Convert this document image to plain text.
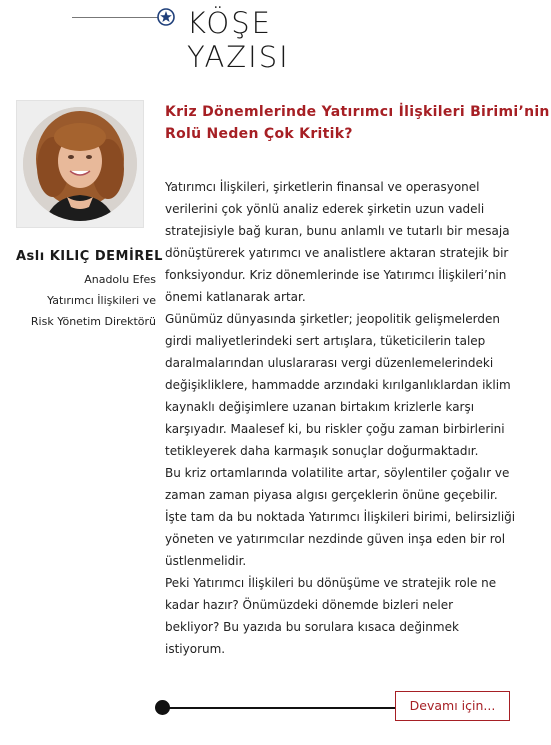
KÖŞE
YAZISI
Aslı KILIÇ DEMİREL
Anadolu Efes
Yatırımcı İlişkileri ve
Risk Yönetim Direktörü
Kriz Dönemlerinde Yatırımcı İlişkileri Birimi’nin
Rolü Neden Çok Kritik?
Yatırımcı İlişkileri, şirketlerin finansal ve operasyonel
verilerini çok yönlü analiz ederek şirketin uzun vadeli
stratejisiyle bağ kuran, bunu anlamlı ve tutarlı bir mesaja
dönüştürerek yatırımcı ve analistlere aktaran stratejik bir
fonksiyondur. Kriz dönemlerinde ise Yatırımcı İlişkileri’nin
önemi katlanarak artar.
Günümüz dünyasında şirketler; jeopolitik gelişmelerden
girdi maliyetlerindeki sert artışlara, tüketicilerin talep
daralmalarından uluslararası vergi düzenlemelerindeki
değişikliklere, hammadde arzındaki kırılganlıklardan iklim
kaynaklı değişimlere uzanan birtakım krizlerle karşı
karşıyadır. Maalesef ki, bu riskler çoğu zaman birbirlerini
tetikleyerek daha karmaşık sonuçlar doğurmaktadır.
Bu kriz ortamlarında volatilite artar, söylentiler çoğalır ve
zaman zaman piyasa algısı gerçeklerin önüne geçebilir.
İşte tam da bu noktada Yatırımcı İlişkileri birimi, belirsizliği
yöneten ve yatırımcılar nezdinde güven inşa eden bir rol
üstlenmelidir.
Peki Yatırımcı İlişkileri bu dönüşüme ve stratejik role ne
kadar hazır? Önümüzdeki dönemde bizleri neler
bekliyor? Bu yazıda bu sorulara kısaca değinmek
istiyorum.
Devamı için...
